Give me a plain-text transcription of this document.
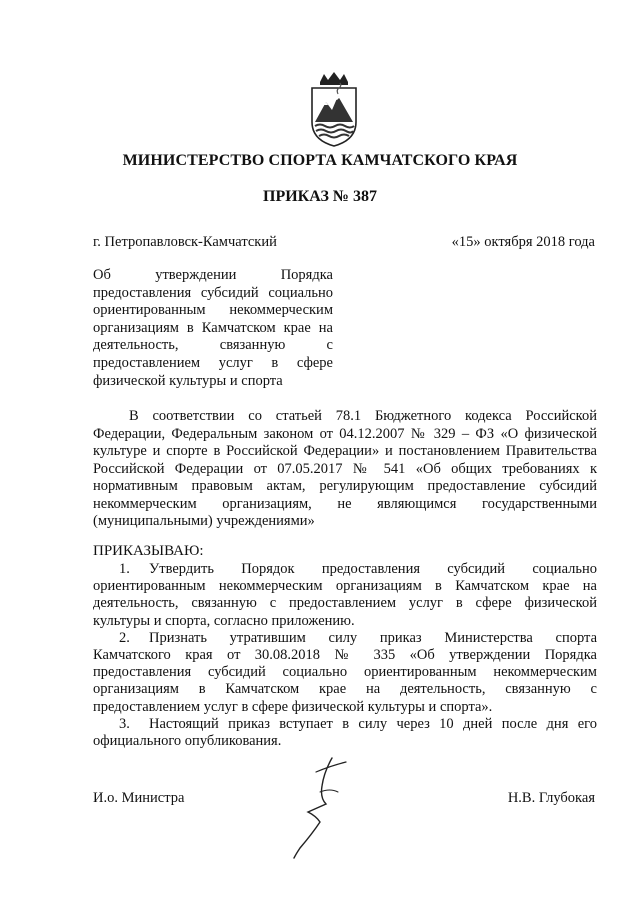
МИНИСТЕРСТВО СПОРТА КАМЧАТСКОГО КРАЯ
ПРИКАЗ № 387
г. Петропавловск-Камчатский	«15» октября 2018 года
Об утверждении Порядка
предоставления субсидий социально
ориентированным некоммерческим
организациям в Камчатском крае на
деятельность, связанную с
предоставлением услуг в сфере
физической культуры и спорта
В соответствии со статьей 78.1 Бюджетного кодекса Российской
Федерации, Федеральным законом от 04.12.2007 № 329 – ФЗ «О физической
культуре и спорте в Российской Федерации» и постановлением Правительства
Российской Федерации от 07.05.2017 № 541 «Об общих требованиях к
нормативным правовым актам, регулирующим предоставление субсидий
некоммерческим организациям, не являющимся государственными
(муниципальными) учреждениями»
ПРИКАЗЫВАЮ:
1. Утвердить Порядок предоставления субсидий социально
ориентированным некоммерческим организациям в Камчатском крае на
деятельность, связанную с предоставлением услуг в сфере физической
культуры и спорта, согласно приложению.
2. Признать утратившим силу приказ Министерства спорта
Камчатского края от 30.08.2018 № 335 «Об утверждении Порядка
предоставления субсидий социально ориентированным некоммерческим
организациям в Камчатском крае на деятельность, связанную с
предоставлением услуг в сфере физической культуры и спорта».
3. Настоящий приказ вступает в силу через 10 дней после дня его
официального опубликования.
И.о. Министра	Н.В. Глубокая
